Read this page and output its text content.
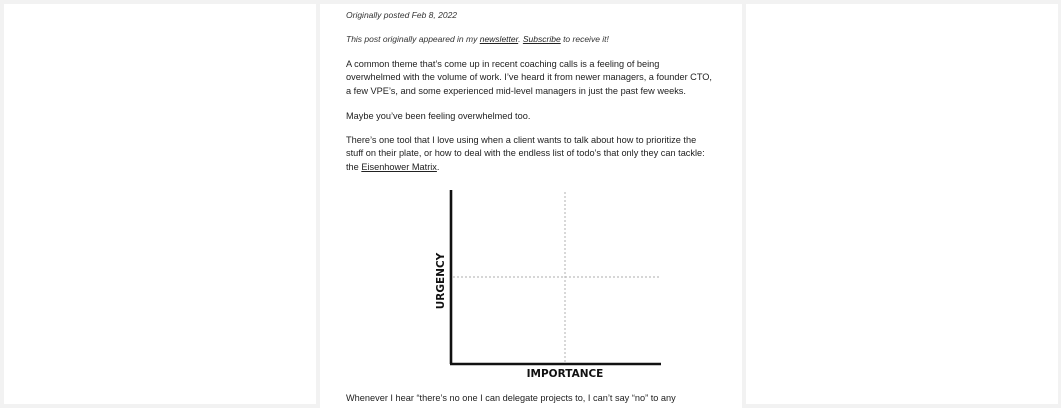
Originally posted Feb 8, 2022
This post originally appeared in my newsletter. Subscribe to receive it!
A common theme that’s come up in recent coaching calls is a feeling of being
overwhelmed with the volume of work. I’ve heard it from newer managers, a founder CTO,
a few VPE’s, and some experienced mid-level managers in just the past few weeks.
Maybe you’ve been feeling overwhelmed too.
There’s one tool that I love using when a client wants to talk about how to prioritize the
stuff on their plate, or how to deal with the endless list of todo’s that only they can tackle:
the Eisenhower Matrix.
URGENCY
IMPORTANCE
Whenever I hear “there’s no one I can delegate projects to, I can’t say “no” to any
